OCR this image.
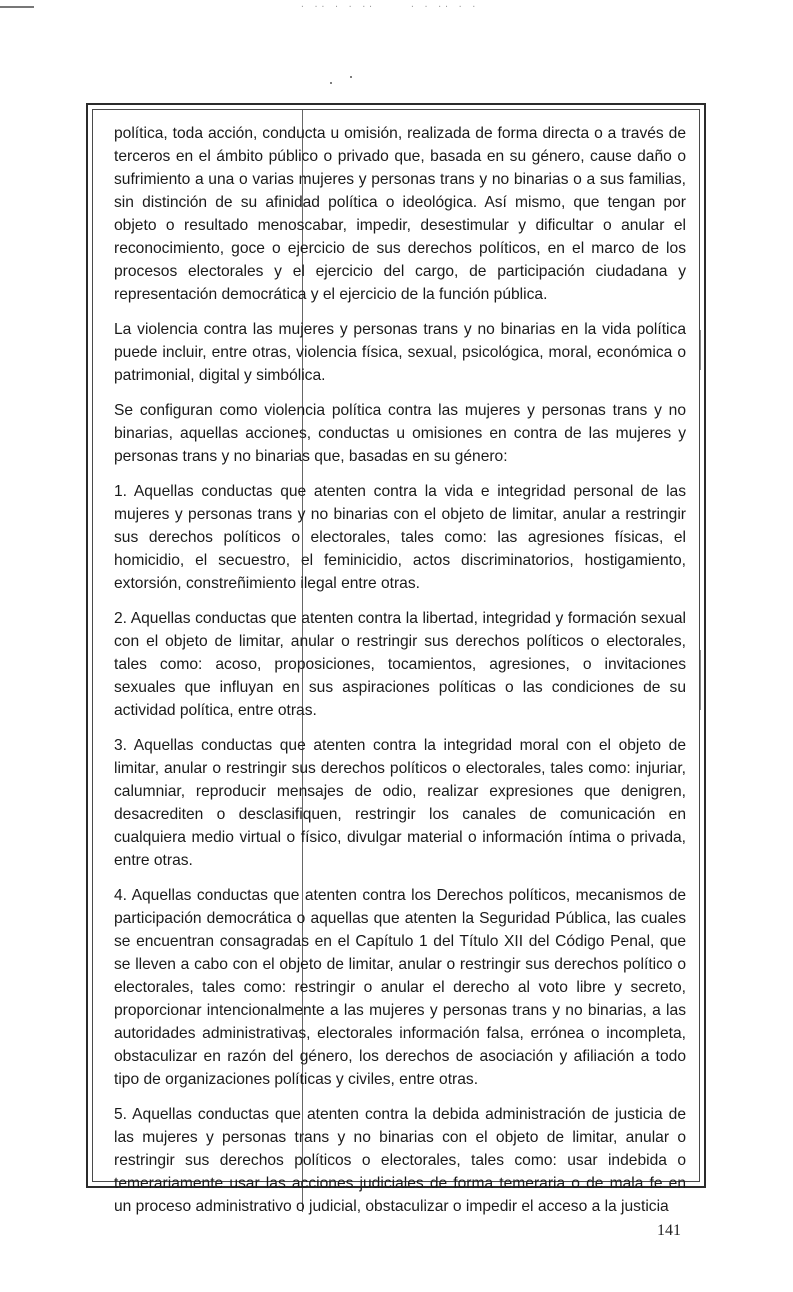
· ·· · · ··	· · ·· · ·

política, toda acción, conducta u omisión, realizada de forma directa o a través de terceros en el ámbito público o privado que, basada en su género, cause daño o sufrimiento a una o varias mujeres y personas trans y no binarias o a sus familias, sin distinción de su afinidad política o ideológica. Así mismo, que tengan por objeto o resultado menoscabar, impedir, desestimular y dificultar o anular el reconocimiento, goce o ejercicio de sus derechos políticos, en el marco de los procesos electorales y el ejercicio del cargo, de participación ciudadana y representación democrática y el ejercicio de la función pública.

La violencia contra las mujeres y personas trans y no binarias en la vida política puede incluir, entre otras, violencia física, sexual, psicológica, moral, económica o patrimonial, digital y simbólica.

Se configuran como violencia política contra las mujeres y personas trans y no binarias, aquellas acciones, conductas u omisiones en contra de las mujeres y personas trans y no binarias que, basadas en su género:

1. Aquellas conductas que atenten contra la vida e integridad personal de las mujeres y personas trans y no binarias con el objeto de limitar, anular a restringir sus derechos políticos o electorales, tales como: las agresiones físicas, el homicidio, el secuestro, el feminicidio, actos discriminatorios, hostigamiento, extorsión, constreñimiento ilegal entre otras.

2. Aquellas conductas que atenten contra la libertad, integridad y formación sexual con el objeto de limitar, anular o restringir sus derechos políticos o electorales, tales como: acoso, proposiciones, tocamientos, agresiones, o invitaciones sexuales que influyan en sus aspiraciones políticas o las condiciones de su actividad política, entre otras.

3. Aquellas conductas que atenten contra la integridad moral con el objeto de limitar, anular o restringir sus derechos políticos o electorales, tales como: injuriar, calumniar, reproducir mensajes de odio, realizar expresiones que denigren, desacrediten o desclasifiquen, restringir los canales de comunicación en cualquiera medio virtual o físico, divulgar material o información íntima o privada, entre otras.

4. Aquellas conductas que atenten contra los Derechos políticos, mecanismos de participación democrática o aquellas que atenten la Seguridad Pública, las cuales se encuentran consagradas en el Capítulo 1 del Título XII del Código Penal, que se lleven a cabo con el objeto de limitar, anular o restringir sus derechos político o electorales, tales como: restringir o anular el derecho al voto libre y secreto, proporcionar intencionalmente a las mujeres y personas trans y no binarias, a las autoridades administrativas, electorales información falsa, errónea o incompleta, obstaculizar en razón del género, los derechos de asociación y afiliación a todo tipo de organizaciones políticas y civiles, entre otras.

5. Aquellas conductas que atenten contra la debida administración de justicia de las mujeres y personas trans y no binarias con el objeto de limitar, anular o restringir sus derechos políticos o electorales, tales como: usar indebida o temerariamente usar las acciones judiciales de forma temeraria o de mala fe en un proceso administrativo o judicial, obstaculizar o impedir el acceso a la justicia

141
